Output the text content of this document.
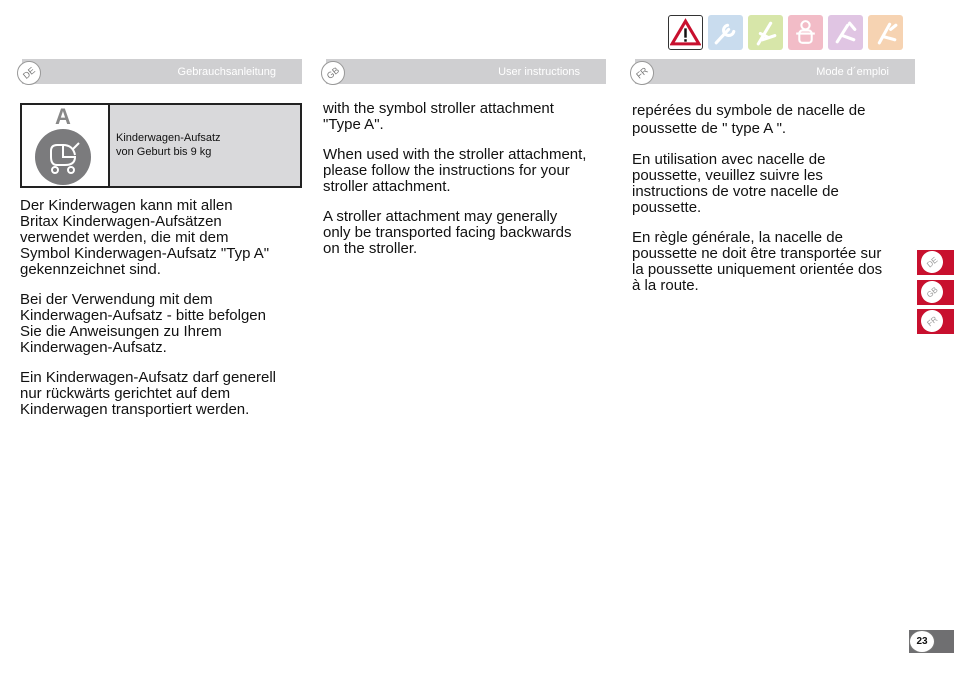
DE	Gebrauchsanleitung	GB	User instructions	FR	Mode d´emploi
A
Kinderwagen-Aufsatz
von Geburt bis 9 kg

Der Kinderwagen kann mit allen
Britax Kinderwagen-Aufsätzen
verwendet werden, die mit dem
Symbol Kinderwagen-Aufsatz "Typ A"
gekennzeichnet sind.

Bei der Verwendung mit dem
Kinderwagen-Aufsatz - bitte befolgen
Sie die Anweisungen zu Ihrem
Kinderwagen-Aufsatz.

Ein Kinderwagen-Aufsatz darf generell
nur rückwärts gerichtet auf dem
Kinderwagen transportiert werden.

with the symbol stroller attachment
"Type A".

When used with the stroller attachment,
please follow the instructions for your
stroller attachment.

A stroller attachment may generally
only be transported facing backwards
on the stroller.

repérées du symbole de nacelle de
poussette de " type A ".

En utilisation avec nacelle de
poussette, veuillez suivre les
instructions de votre nacelle de
poussette.

En règle générale, la nacelle de
poussette ne doit être transportée sur
la poussette uniquement orientée dos
à la route.

DE
GB
FR
23
